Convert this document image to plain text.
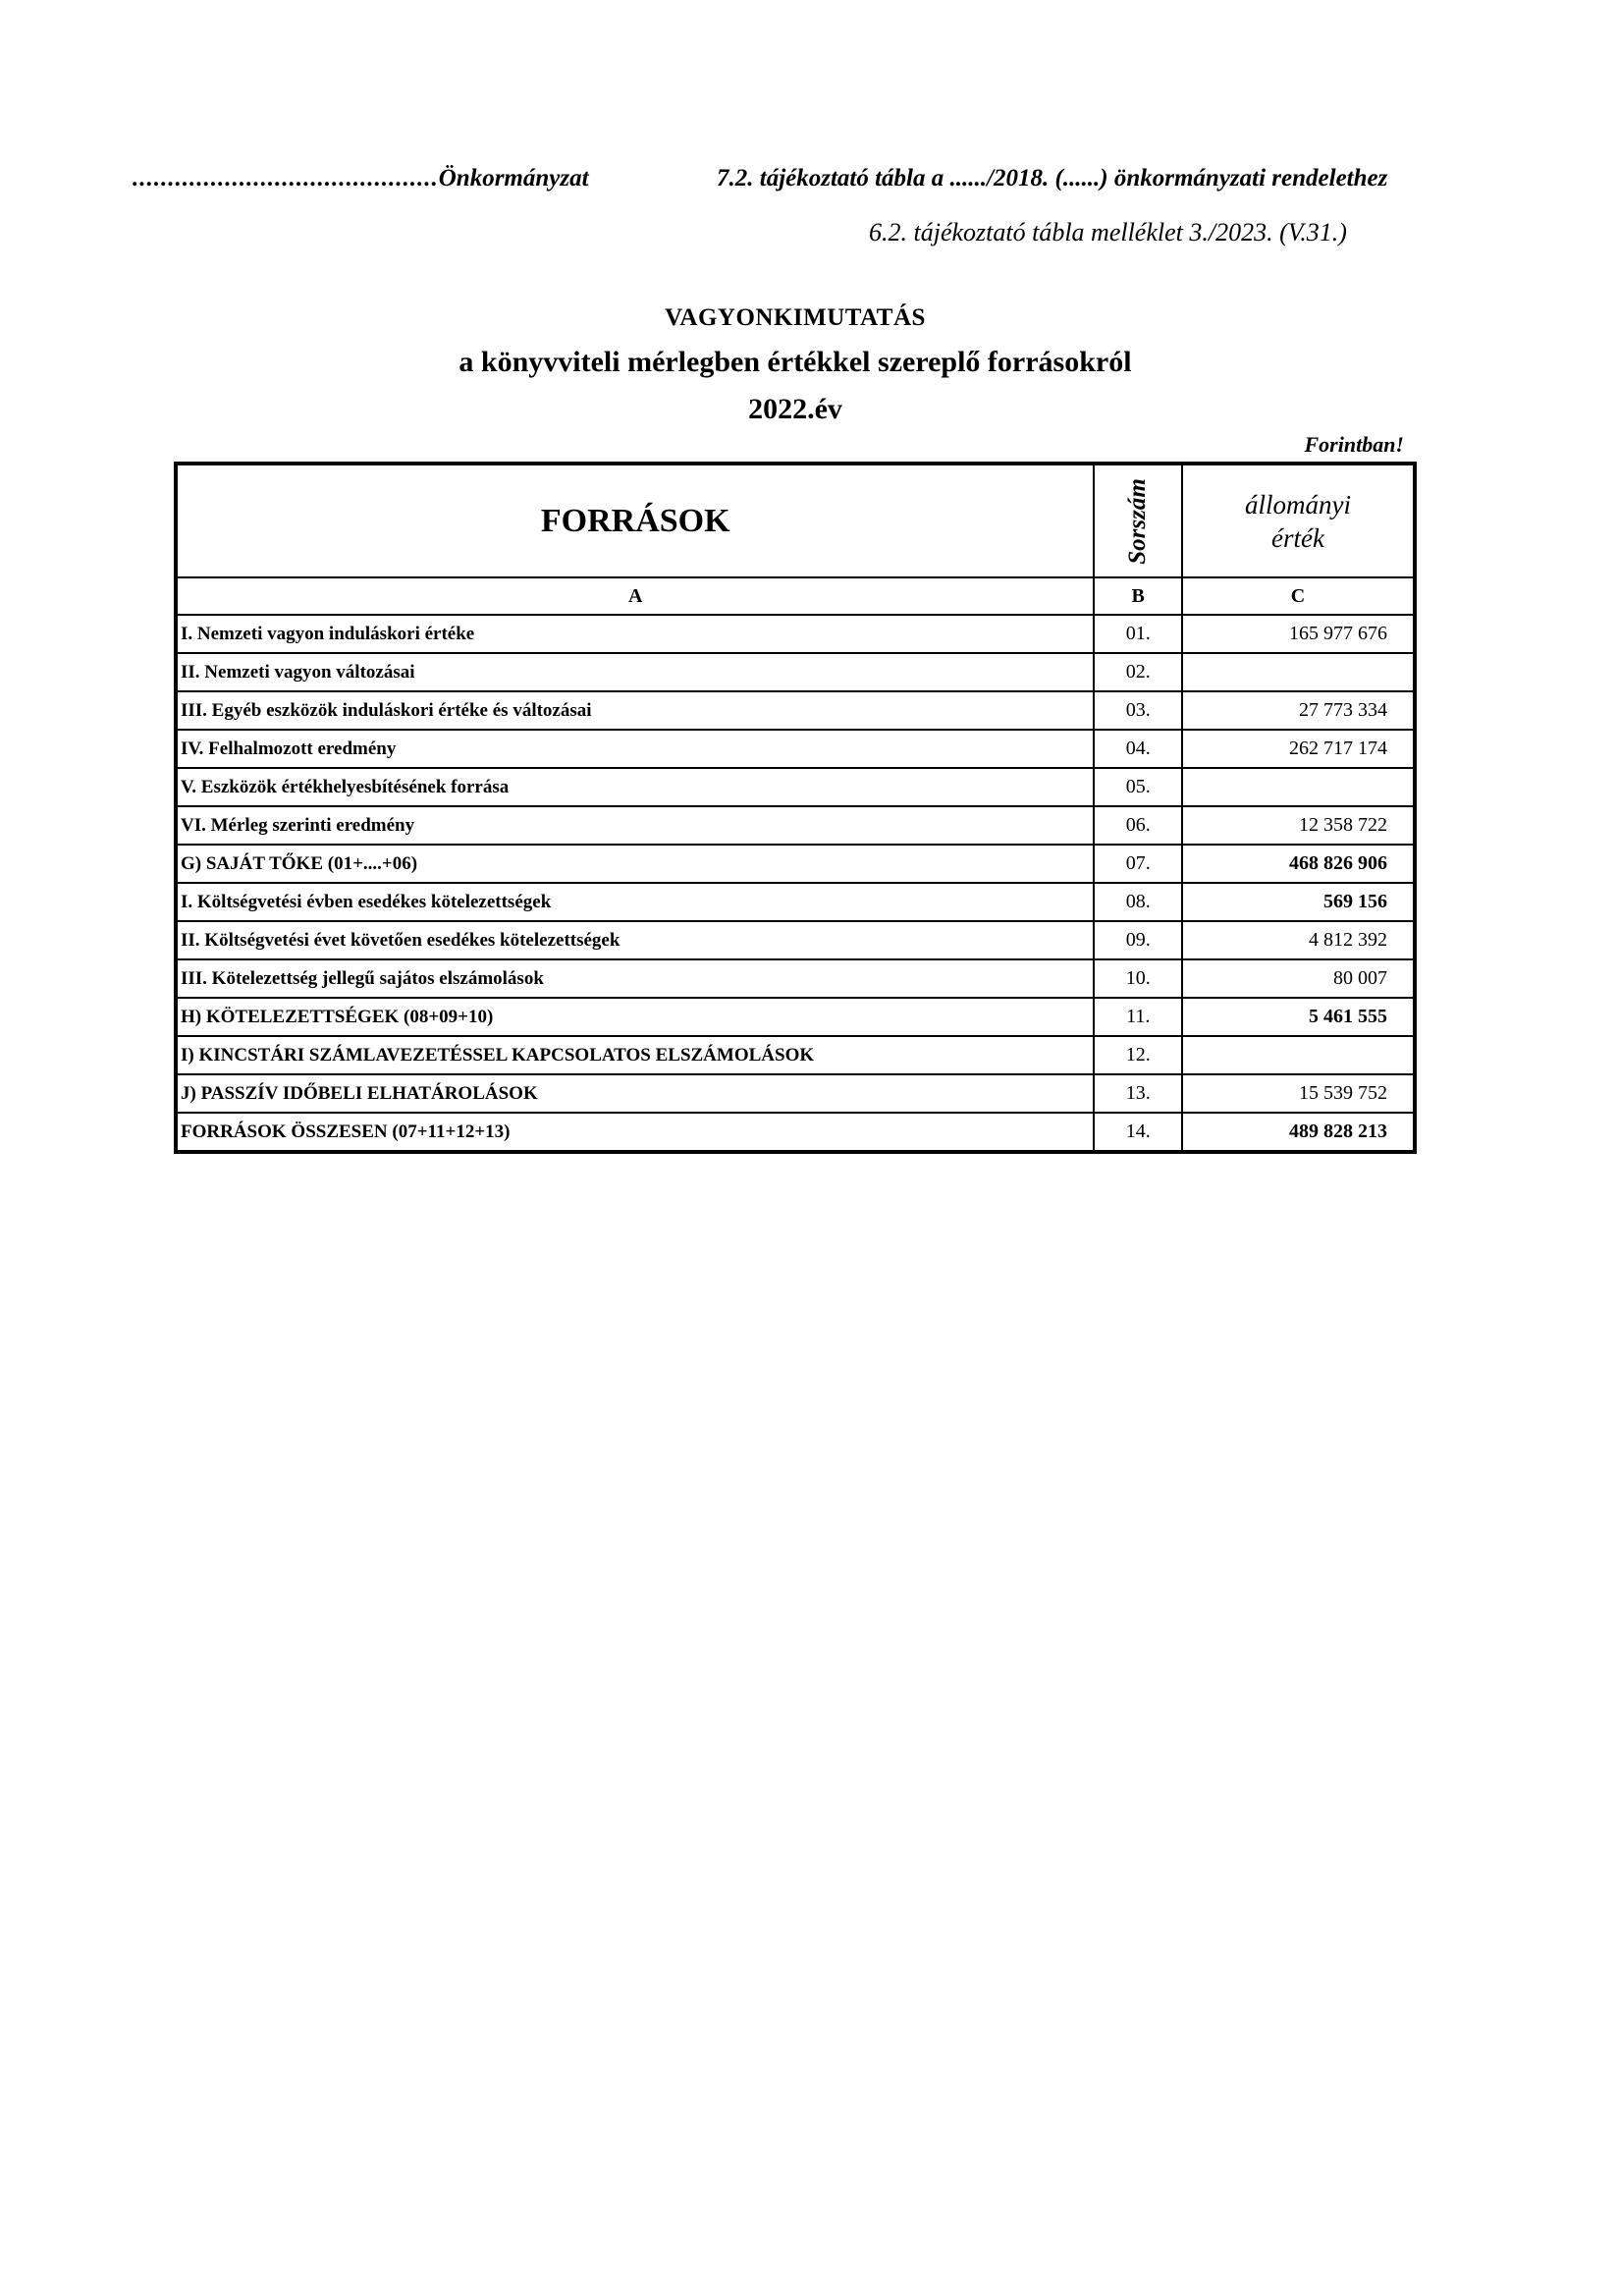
...........................................Önkormányzat	7.2. tájékoztató tábla a ....../2018. (......) önkormányzati rendelethez
6.2. tájékoztató tábla melléklet 3./2023. (V.31.)
VAGYONKIMUTATÁS
a könyvviteli mérlegben értékkel szereplő forrásokról
2022.év
Forintban!
FORRÁSOK	Sorszám	állományi
érték

A	B	C
I. Nemzeti vagyon induláskori értéke	01.	165 977 676
II. Nemzeti vagyon változásai	02.	
III. Egyéb eszközök induláskori értéke és változásai	03.	27 773 334
IV. Felhalmozott eredmény	04.	262 717 174
V. Eszközök értékhelyesbítésének forrása	05.	
VI. Mérleg szerinti eredmény	06.	12 358 722
G) SAJÁT TŐKE (01+....+06)	07.	468 826 906
I. Költségvetési évben esedékes kötelezettségek	08.	569 156
II. Költségvetési évet követően esedékes kötelezettségek	09.	4 812 392
III. Kötelezettség jellegű sajátos elszámolások	10.	80 007
H) KÖTELEZETTSÉGEK (08+09+10)	11.	5 461 555
I) KINCSTÁRI SZÁMLAVEZETÉSSEL KAPCSOLATOS ELSZÁMOLÁSOK	12.	
J) PASSZÍV IDŐBELI ELHATÁROLÁSOK	13.	15 539 752
FORRÁSOK ÖSSZESEN (07+11+12+13)	14.	489 828 213
